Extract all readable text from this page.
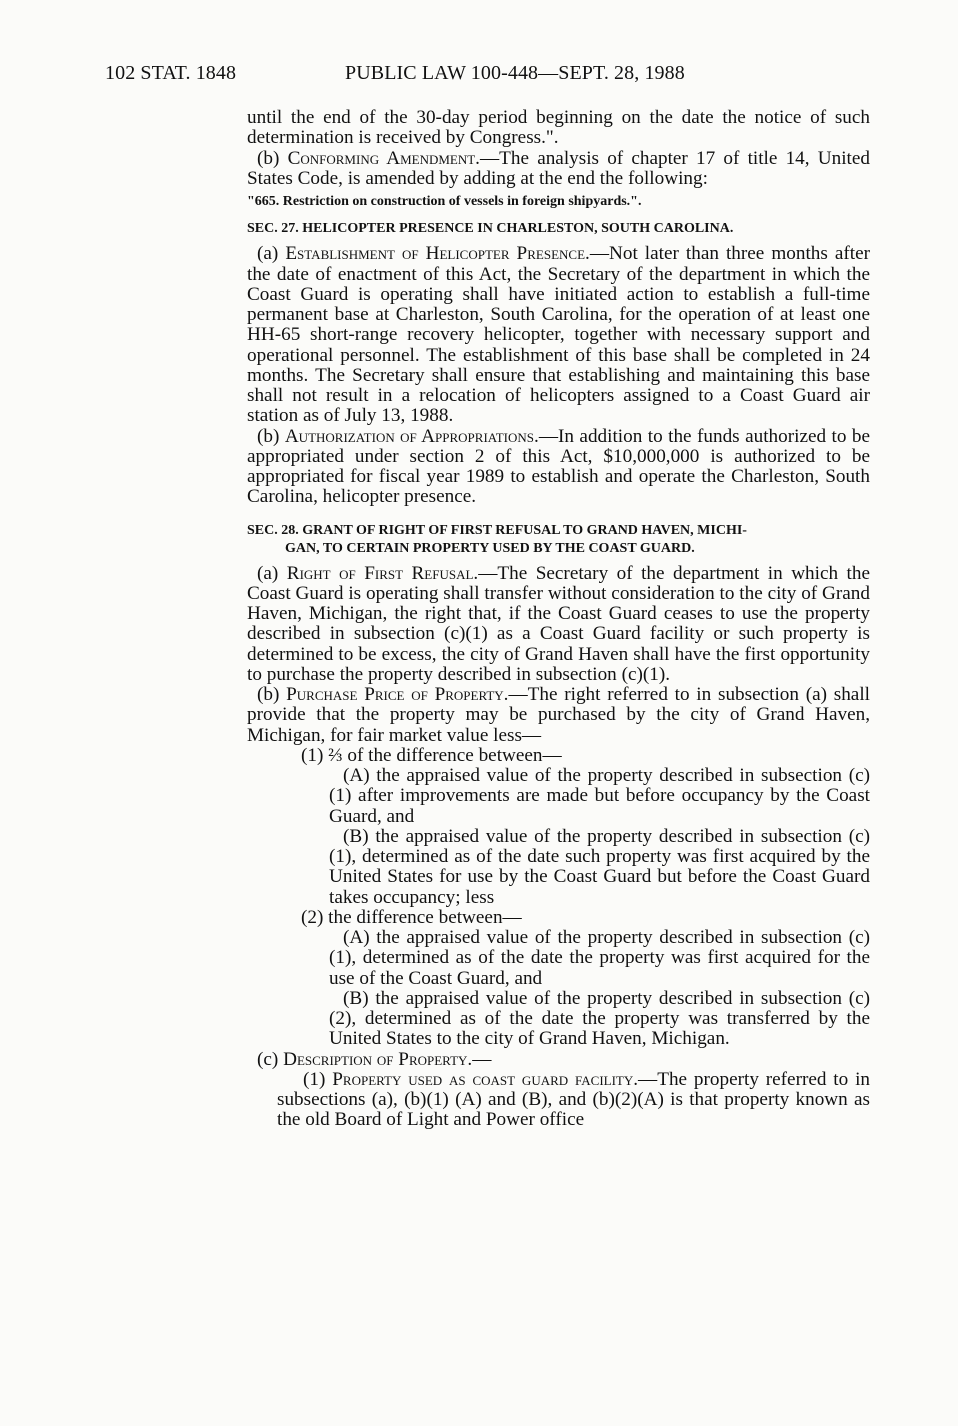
102 STAT. 1848	PUBLIC LAW 100-448—SEPT. 28, 1988

until the end of the 30-day period beginning on the date the notice of such determination is received by Congress.".

(b) Conforming Amendment.—The analysis of chapter 17 of title 14, United States Code, is amended by adding at the end the following:

"665. Restriction on construction of vessels in foreign shipyards.".

SEC. 27. HELICOPTER PRESENCE IN CHARLESTON, SOUTH CAROLINA.

(a) Establishment of Helicopter Presence.—Not later than three months after the date of enactment of this Act, the Secretary of the department in which the Coast Guard is operating shall have initiated action to establish a full-time permanent base at Charleston, South Carolina, for the operation of at least one HH-65 short-range recovery helicopter, together with necessary support and operational personnel. The establishment of this base shall be completed in 24 months. The Secretary shall ensure that establishing and maintaining this base shall not result in a relocation of helicopters assigned to a Coast Guard air station as of July 13, 1988.

(b) Authorization of Appropriations.—In addition to the funds authorized to be appropriated under section 2 of this Act, $10,000,000 is authorized to be appropriated for fiscal year 1989 to establish and operate the Charleston, South Carolina, helicopter presence.

SEC. 28. GRANT OF RIGHT OF FIRST REFUSAL TO GRAND HAVEN, MICHI-
GAN, TO CERTAIN PROPERTY USED BY THE COAST GUARD.

(a) Right of First Refusal.—The Secretary of the department in which the Coast Guard is operating shall transfer without consideration to the city of Grand Haven, Michigan, the right that, if the Coast Guard ceases to use the property described in subsection (c)(1) as a Coast Guard facility or such property is determined to be excess, the city of Grand Haven shall have the first opportunity to purchase the property described in subsection (c)(1).

(b) Purchase Price of Property.—The right referred to in subsection (a) shall provide that the property may be purchased by the city of Grand Haven, Michigan, for fair market value less—

(1) ⅔ of the difference between—

(A) the appraised value of the property described in subsection (c)(1) after improvements are made but before occupancy by the Coast Guard, and

(B) the appraised value of the property described in subsection (c)(1), determined as of the date such property was first acquired by the United States for use by the Coast Guard but before the Coast Guard takes occupancy; less

(2) the difference between—

(A) the appraised value of the property described in subsection (c)(1), determined as of the date the property was first acquired for the use of the Coast Guard, and

(B) the appraised value of the property described in subsection (c)(2), determined as of the date the property was transferred by the United States to the city of Grand Haven, Michigan.

(c) Description of Property.—

(1) Property used as coast guard facility.—The property referred to in subsections (a), (b)(1) (A) and (B), and (b)(2)(A) is that property known as the old Board of Light and Power office
